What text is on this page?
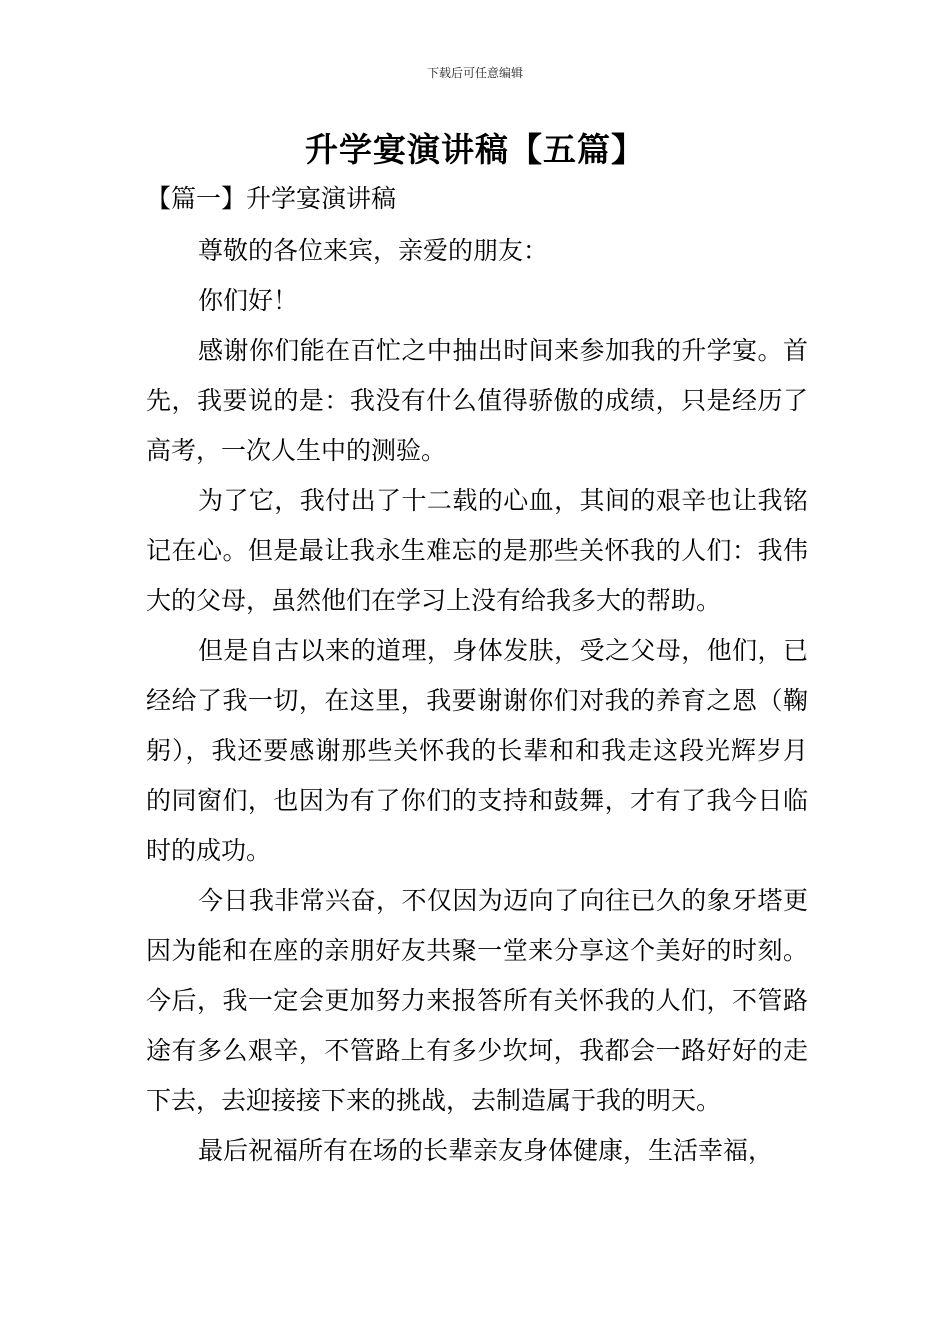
下载后可任意编辑
升学宴演讲稿【五篇】
【篇一】升学宴演讲稿

尊敬的各位来宾，亲爱的朋友：

你们好！

感谢你们能在百忙之中抽出时间来参加我的升学宴。首先，我要说的是：我没有什么值得骄傲的成绩，只是经历了高考，一次人生中的测验。

为了它，我付出了十二载的心血，其间的艰辛也让我铭记在心。但是最让我永生难忘的是那些关怀我的人们：我伟大的父母，虽然他们在学习上没有给我多大的帮助。

但是自古以来的道理，身体发肤，受之父母，他们，已经给了我一切，在这里，我要谢谢你们对我的养育之恩（鞠躬），我还要感谢那些关怀我的长辈和和我走这段光辉岁月的同窗们，也因为有了你们的支持和鼓舞，才有了我今日临时的成功。

今日我非常兴奋，不仅因为迈向了向往已久的象牙塔更因为能和在座的亲朋好友共聚一堂来分享这个美好的时刻。今后，我一定会更加努力来报答所有关怀我的人们，不管路途有多么艰辛，不管路上有多少坎坷，我都会一路好好的走下去，去迎接接下来的挑战，去制造属于我的明天。

最后祝福所有在场的长辈亲友身体健康，生活幸福，
